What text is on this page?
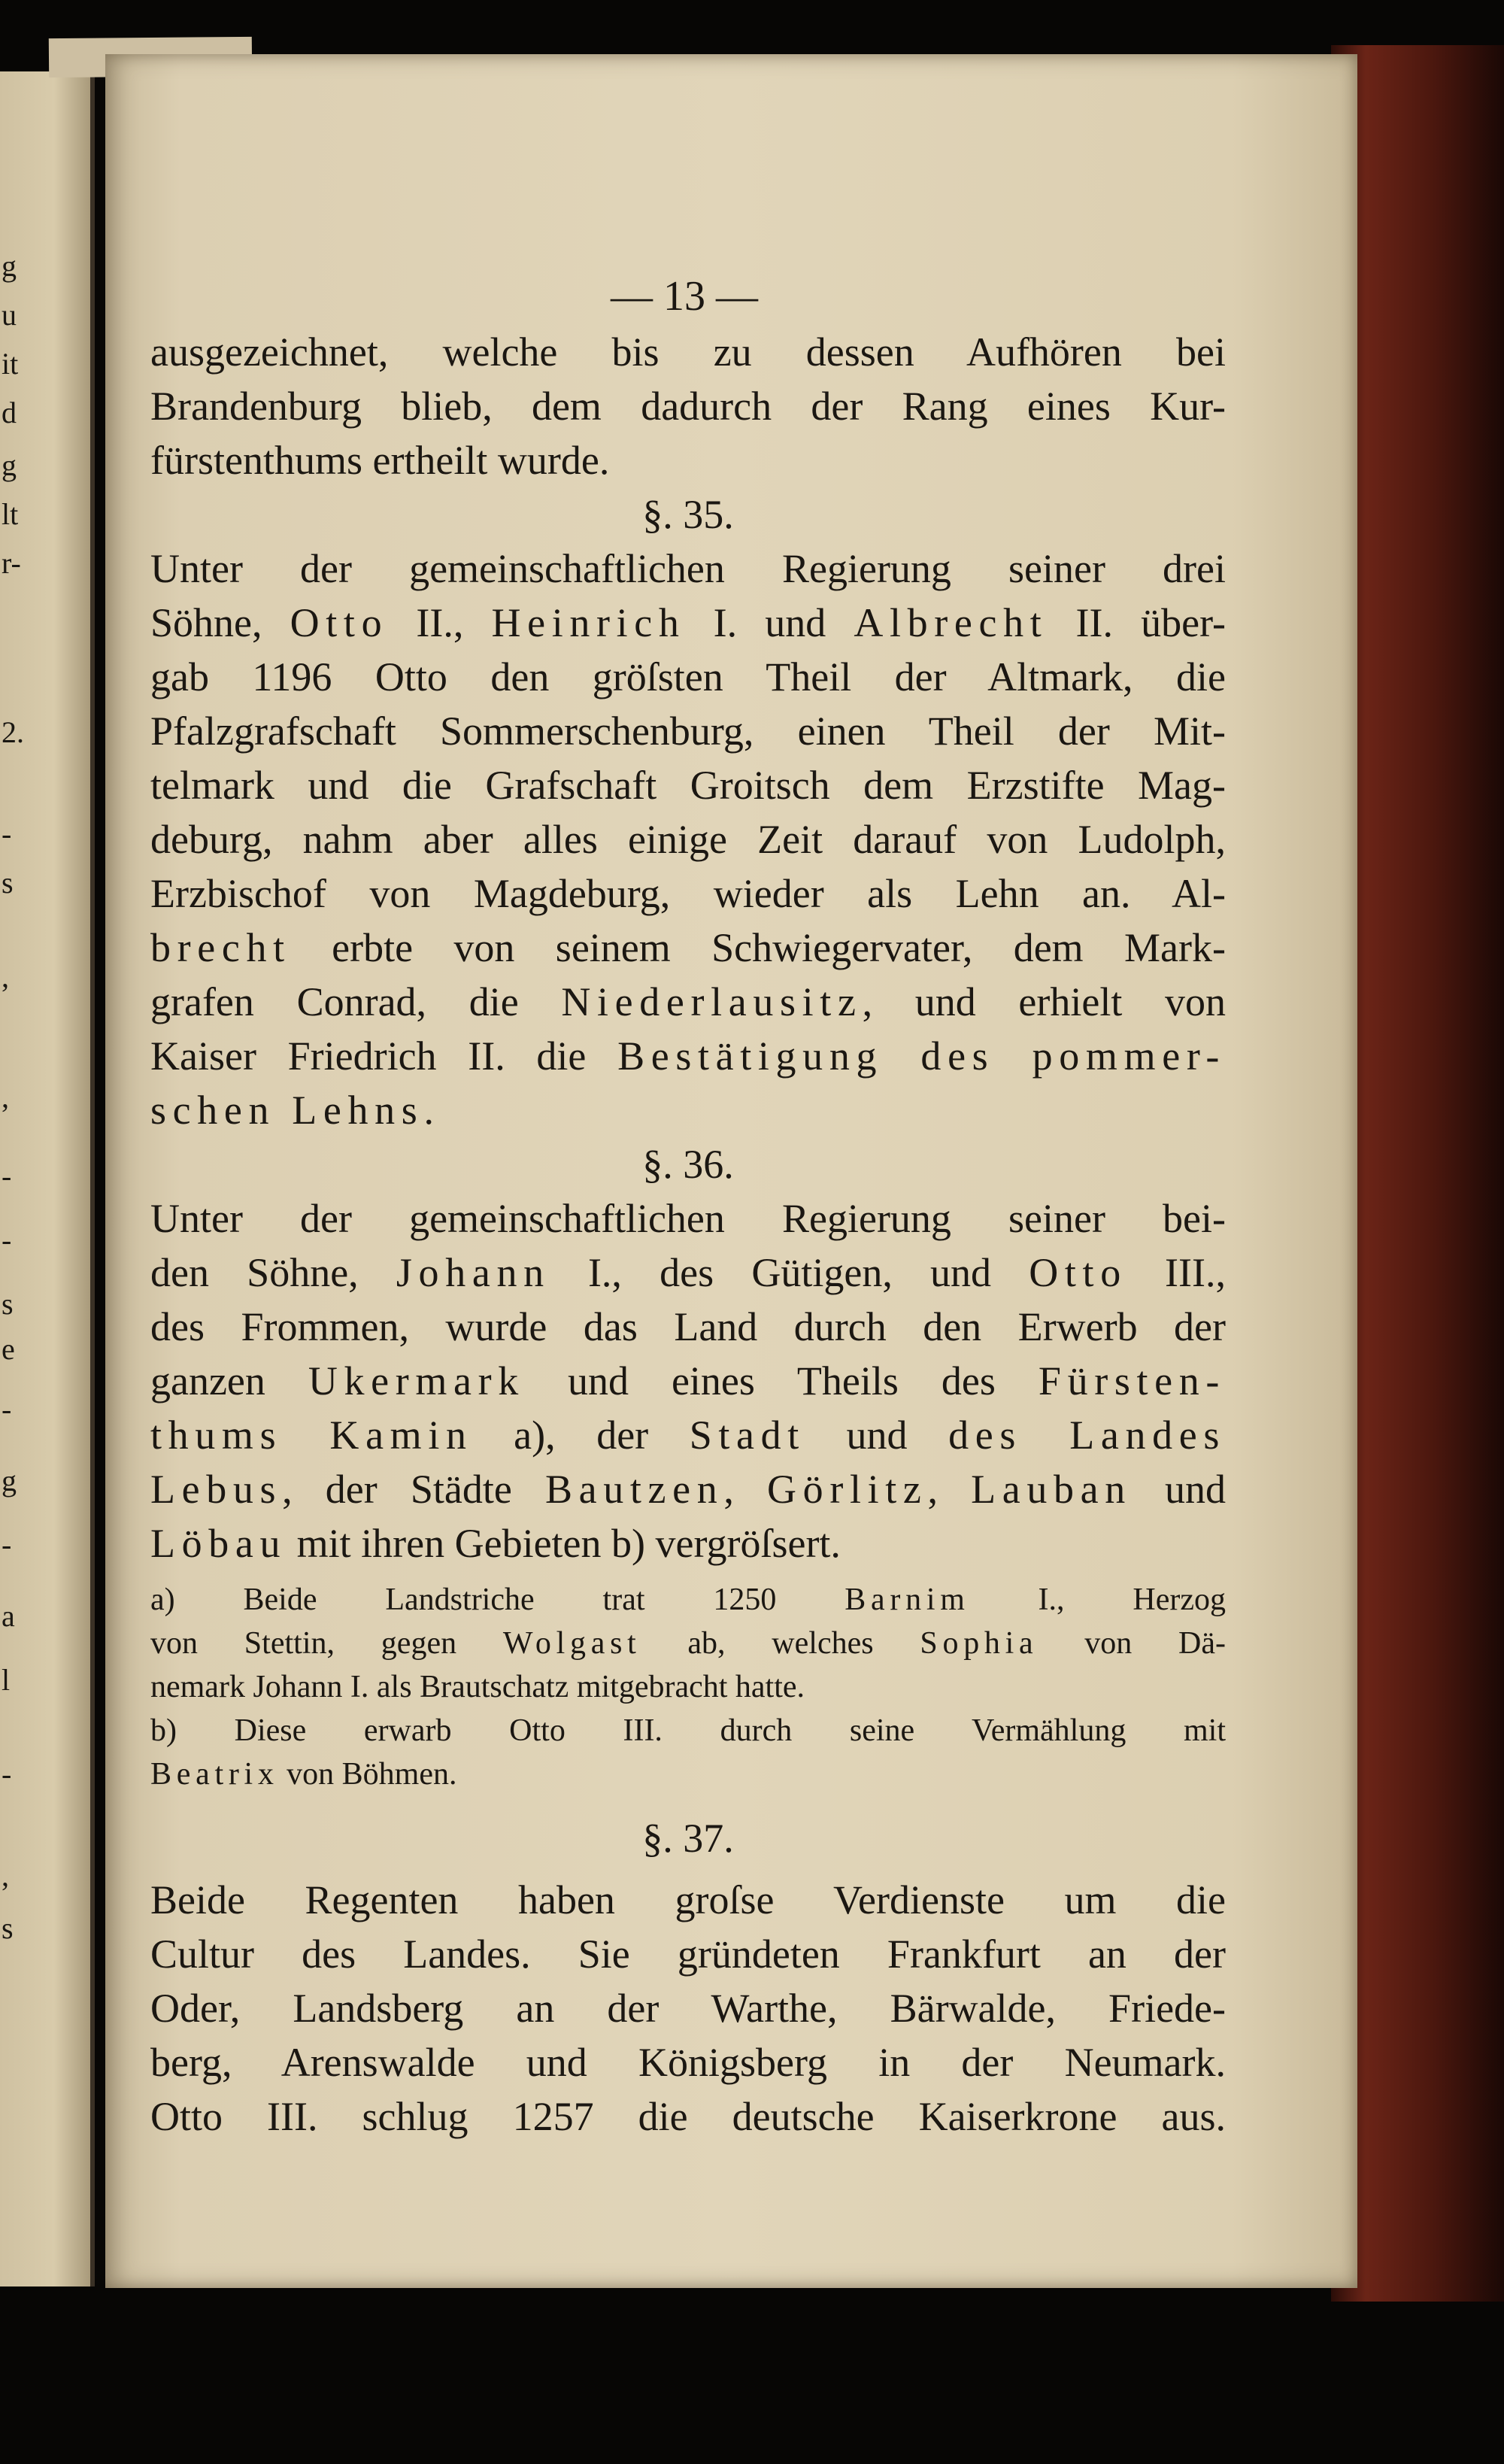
g
u
it
d
g
lt
r-
2.
-
s
,
,
-
-
s
e
-
g
-
a
l
-
,
s
— 13 —
ausgezeichnet, welche bis zu dessen Aufhören bei
Brandenburg blieb, dem dadurch der Rang eines Kur-
fürstenthums ertheilt wurde.
§. 35.
Unter der gemeinschaftlichen Regierung seiner drei
Söhne, Otto II., Heinrich I. und Albrecht II. über-
gab 1196 Otto den gröſsten Theil der Altmark, die
Pfalzgrafschaft Sommerschenburg, einen Theil der Mit-
telmark und die Grafschaft Groitsch dem Erzstifte Mag-
deburg, nahm aber alles einige Zeit darauf von Ludolph,
Erzbischof von Magdeburg, wieder als Lehn an. Al-
brecht erbte von seinem Schwiegervater, dem Mark-
grafen Conrad, die Niederlausitz, und erhielt von
Kaiser Friedrich II. die Bestätigung des pommer-
schen Lehns.
§. 36.
Unter der gemeinschaftlichen Regierung seiner bei-
den Söhne, Johann I., des Gütigen, und Otto III.,
des Frommen, wurde das Land durch den Erwerb der
ganzen Ukermark und eines Theils des Fürsten-
thums Kamin a), der Stadt und des Landes
Lebus, der Städte Bautzen, Görlitz, Lauban und
Löbau mit ihren Gebieten b) vergröſsert.
a) Beide Landstriche trat 1250 Barnim I., Herzog
von Stettin, gegen Wolgast ab, welches Sophia von Dä-
nemark Johann I. als Brautschatz mitgebracht hatte.
b) Diese erwarb Otto III. durch seine Vermählung mit
Beatrix von Böhmen.
§. 37.
Beide Regenten haben groſse Verdienste um die
Cultur des Landes. Sie gründeten Frankfurt an der
Oder, Landsberg an der Warthe, Bärwalde, Friede-
berg, Arenswalde und Königsberg in der Neumark.
Otto III. schlug 1257 die deutsche Kaiserkrone aus.
